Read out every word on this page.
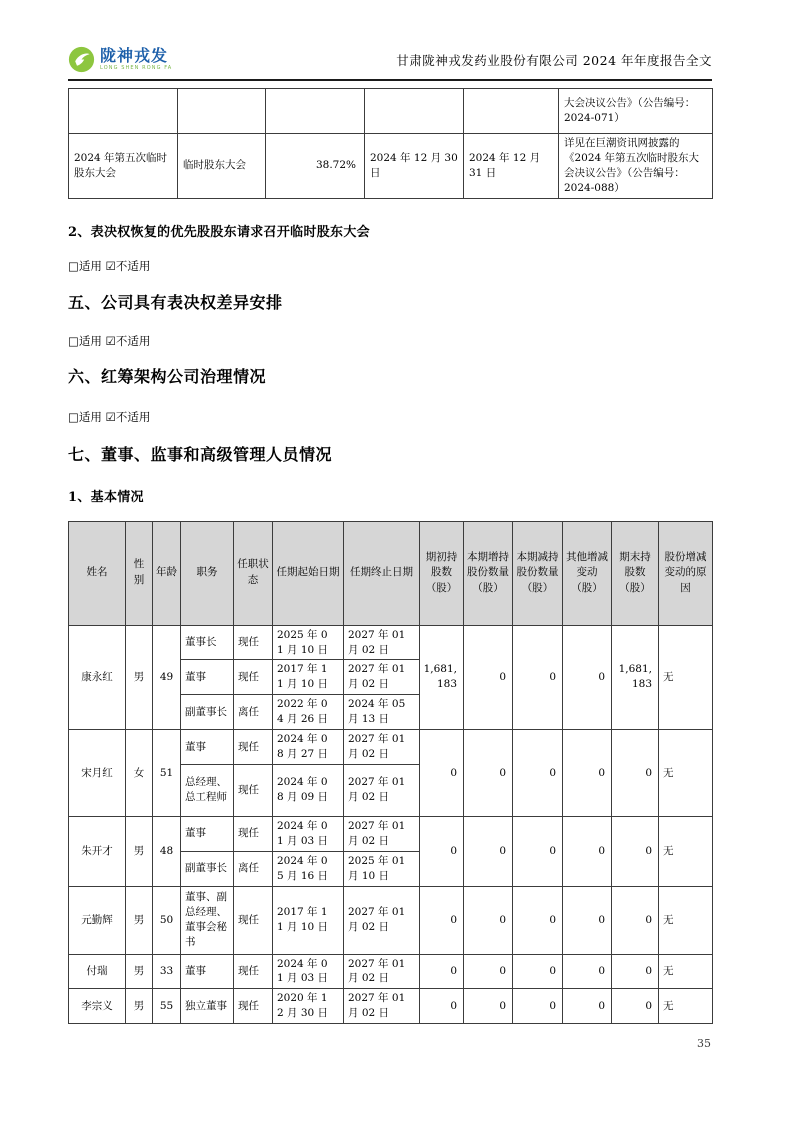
陇神戎发
LONG SHEN RONG FA
甘肃陇神戎发药业股份有限公司 2024 年年度报告全文
					大会决议公告》（公告编号：2024-071）
2024 年第五次临时股东大会	临时股东大会	38.72%	2024 年 12 月 30 日	2024 年 12 月 31 日	详见在巨潮资讯网披露的《2024 年第五次临时股东大会决议公告》（公告编号：2024-088）

2、表决权恢复的优先股股东请求召开临时股东大会

□适用 ☑不适用

五、公司具有表决权差异安排

□适用 ☑不适用

六、红筹架构公司治理情况

□适用 ☑不适用

七、董事、监事和高级管理人员情况

1、基本情况

姓名	性别	年龄	职务	任职状态	任期起始日期	任期终止日期	期初持股数（股）	本期增持股份数量（股）	本期减持股份数量（股）	其他增减变动（股）	期末持股数（股）	股份增减变动的原因
康永红	男	49	董事长	现任	2025 年 01 月 10 日	2027 年 01 月 02 日	1,681,183	0	0	0	1,681,183	无
			董事	现任	2017 年 11 月 10 日	2027 年 01 月 02 日						
			副董事长	离任	2022 年 04 月 26 日	2024 年 05 月 13 日						
宋月红	女	51	董事	现任	2024 年 08 月 27 日	2027 年 01 月 02 日	0	0	0	0	0	无
			总经理、总工程师	现任	2024 年 08 月 09 日	2027 年 01 月 02 日						
朱开才	男	48	董事	现任	2024 年 01 月 03 日	2027 年 01 月 02 日	0	0	0	0	0	无
			副董事长	离任	2024 年 05 月 16 日	2025 年 01 月 10 日						
元勤辉	男	50	董事、副总经理、董事会秘书	现任	2017 年 11 月 10 日	2027 年 01 月 02 日	0	0	0	0	0	无
付瑞	男	33	董事	现任	2024 年 01 月 03 日	2027 年 01 月 02 日	0	0	0	0	0	无
李宗义	男	55	独立董事	现任	2020 年 12 月 30 日	2027 年 01 月 02 日	0	0	0	0	0	无
35
